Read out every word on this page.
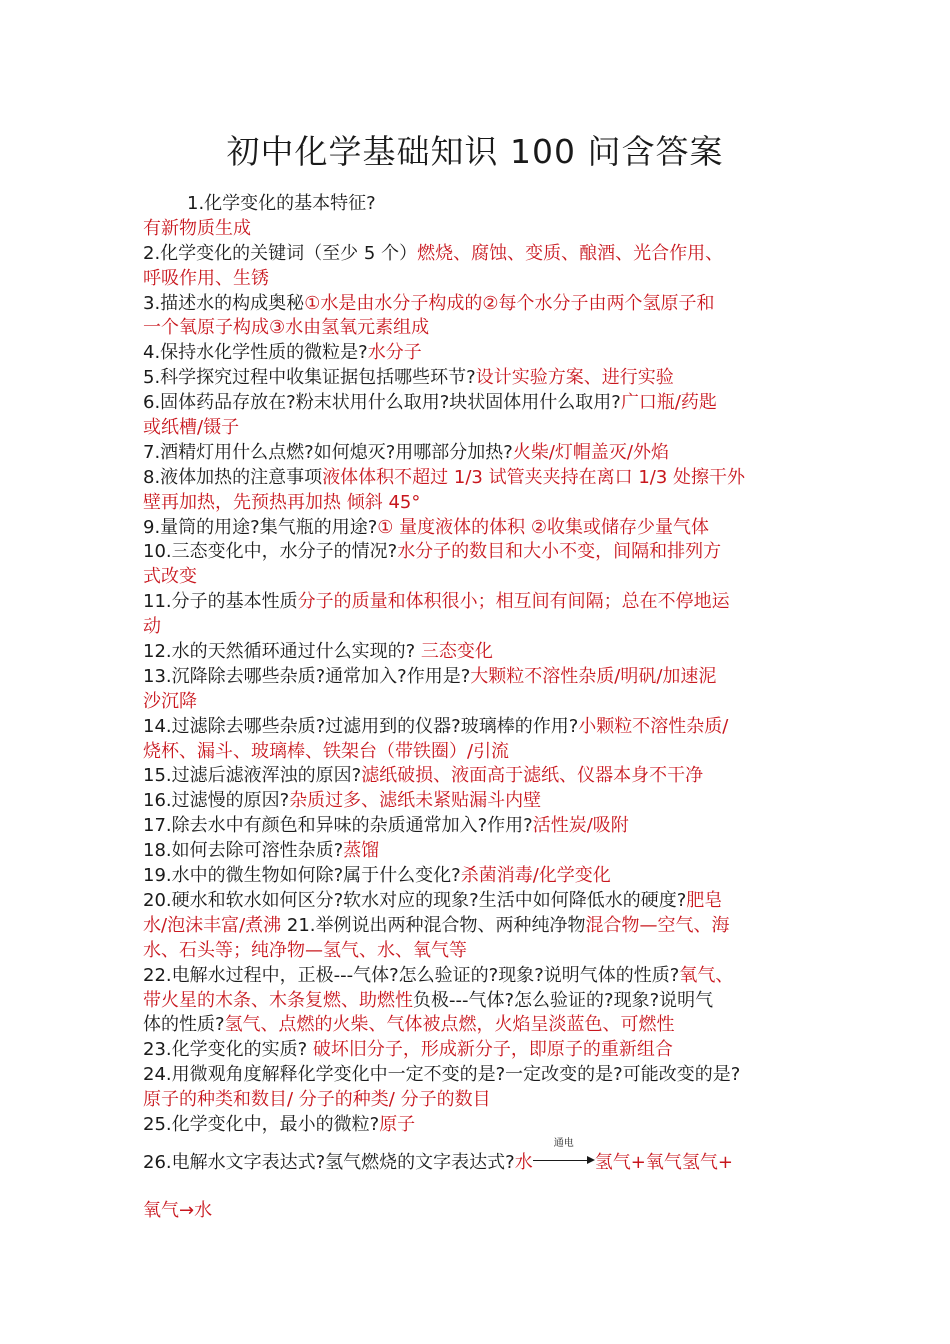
初中化学基础知识 100 问含答案
1.化学变化的基本特征?
有新物质生成
2.化学变化的关键词（至少 5 个）燃烧、腐蚀、变质、酿酒、光合作用、
呼吸作用、生锈
3.描述水的构成奥秘①水是由水分子构成的②每个水分子由两个氢原子和
一个氧原子构成③水由氢氧元素组成
4.保持水化学性质的微粒是?水分子
5.科学探究过程中收集证据包括哪些环节?设计实验方案、进行实验
6.固体药品存放在?粉末状用什么取用?块状固体用什么取用?广口瓶/药匙
或纸槽/镊子
7.酒精灯用什么点燃?如何熄灭?用哪部分加热?火柴/灯帽盖灭/外焰
8.液体加热的注意事项液体体积不超过 1/3 试管夹夹持在离口 1/3 处擦干外
壁再加热，先预热再加热 倾斜 45°
9.量筒的用途?集气瓶的用途?① 量度液体的体积 ②收集或储存少量气体
10.三态变化中，水分子的情况?水分子的数目和大小不变，间隔和排列方
式改变
11.分子的基本性质分子的质量和体积很小；相互间有间隔；总在不停地运
动
12.水的天然循环通过什么实现的? 三态变化
13.沉降除去哪些杂质?通常加入?作用是?大颗粒不溶性杂质/明矾/加速泥
沙沉降
14.过滤除去哪些杂质?过滤用到的仪器?玻璃棒的作用?小颗粒不溶性杂质/
烧杯、漏斗、玻璃棒、铁架台（带铁圈）/引流
15.过滤后滤液浑浊的原因?滤纸破损、液面高于滤纸、仪器本身不干净
16.过滤慢的原因?杂质过多、滤纸未紧贴漏斗内壁
17.除去水中有颜色和异味的杂质通常加入?作用?活性炭/吸附
18.如何去除可溶性杂质?蒸馏
19.水中的微生物如何除?属于什么变化?杀菌消毒/化学变化
20.硬水和软水如何区分?软水对应的现象?生活中如何降低水的硬度?肥皂
水/泡沫丰富/煮沸 21.举例说出两种混合物、两种纯净物混合物—空气、海
水、石头等；纯净物—氢气、水、氧气等
22.电解水过程中，正极---气体?怎么验证的?现象?说明气体的性质?氧气、
带火星的木条、木条复燃、助燃性负极---气体?怎么验证的?现象?说明气
体的性质?氢气、点燃的火柴、气体被点燃，火焰呈淡蓝色、可燃性
23.化学变化的实质? 破坏旧分子，形成新分子，即原子的重新组合
24.用微观角度解释化学变化中一定不变的是?一定改变的是?可能改变的是?
原子的种类和数目/ 分子的种类/ 分子的数目
25.化学变化中，最小的微粒?原子
26.电解水文字表达式?氢气燃烧的文字表达式?水
通电
氢气+氧气氢气+
氧气→水
